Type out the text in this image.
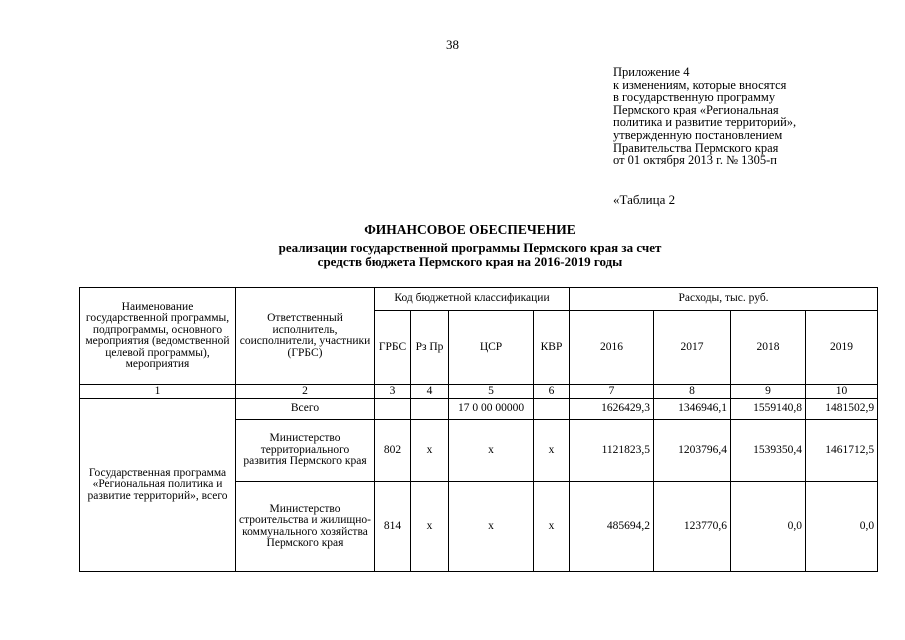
38
Приложение 4
к изменениям, которые вносятся
в государственную программу
Пермского края «Региональная
политика и развитие территорий»,
утвержденную постановлением
Правительства Пермского края
от 01 октября 2013 г. № 1305-п
«Таблица 2
ФИНАНСОВОЕ ОБЕСПЕЧЕНИЕ
реализации государственной программы Пермского края за счет
средств бюджета Пермского края на 2016-2019 годы
Наименование государственной программы, подпрограммы, основного мероприятия (ведомственной целевой программы), мероприятия	Ответственный исполнитель, соисполнители, участники (ГРБС)	Код бюджетной классификации				Расходы, тыс. руб.			
		ГРБС	Рз Пр	ЦСР	КВР	2016	2017	2018	2019
1	2	3	4	5	6	7	8	9	10
Государственная программа «Региональная политика и развитие территорий», всего	Всего			17 0 00 00000		1626429,3	1346946,1	1559140,8	1481502,9
	Министерство территориального развития Пермского края	802	х	х	х	1121823,5	1203796,4	1539350,4	1461712,5
	Министерство строительства и жилищно-коммунального хозяйства Пермского края	814	х	х	х	485694,2	123770,6	0,0	0,0
